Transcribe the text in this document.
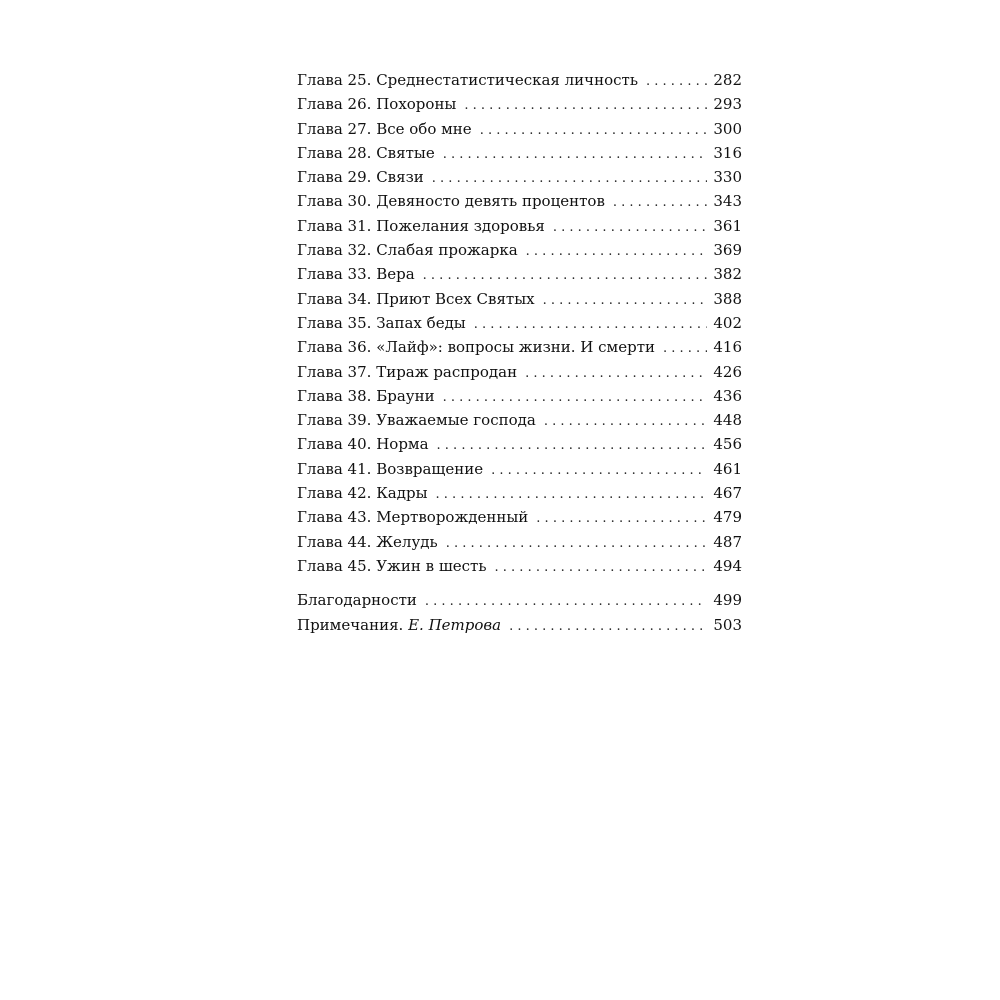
Глава 25. Среднестатистическая личность . . .	282
Глава 26. Похороны . . .	293
Глава 27. Все обо мне . . .	300
Глава 28. Святые . . .	316
Глава 29. Связи . . .	330
Глава 30. Девяносто девять процентов . . .	343
Глава 31. Пожелания здоровья . . .	361
Глава 32. Слабая прожарка . . .	369
Глава 33. Вера . . .	382
Глава 34. Приют Всех Святых . . .	388
Глава 35. Запах беды . . .	402
Глава 36. «Лайф»: вопросы жизни. И смерти . . .	416
Глава 37. Тираж распродан . . .	426
Глава 38. Брауни . . .	436
Глава 39. Уважаемые господа . . .	448
Глава 40. Норма . . .	456
Глава 41. Возвращение . . .	461
Глава 42. Кадры . . .	467
Глава 43. Мертворожденный . . .	479
Глава 44. Желудь . . .	487
Глава 45. Ужин в шесть . . .	494
Благодарности . . .	499
Примечания. Е. Петрова . . .	503
